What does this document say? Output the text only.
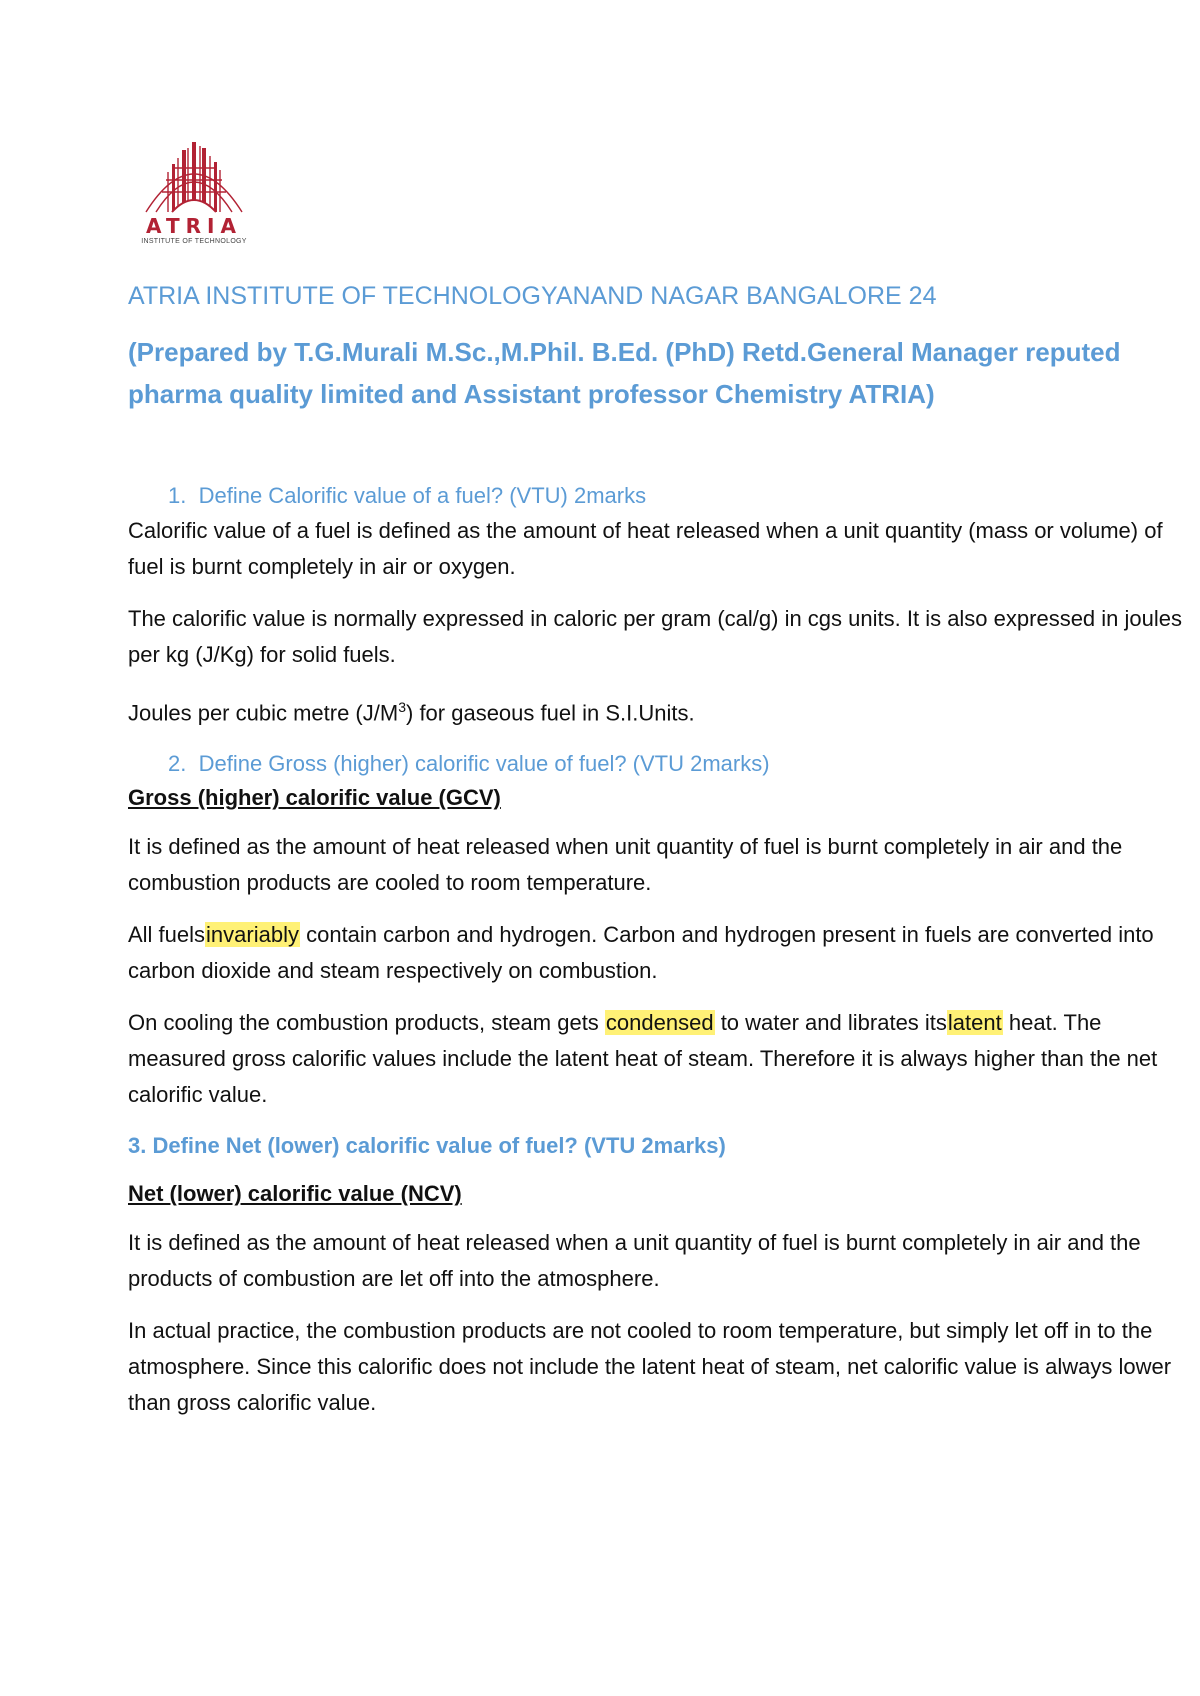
ATRIA
INSTITUTE OF TECHNOLOGY
ATRIA INSTITUTE OF TECHNOLOGYANAND NAGAR BANGALORE 24
(Prepared by T.G.Murali M.Sc.,M.Phil. B.Ed. (PhD) Retd.General Manager reputed pharma quality limited and Assistant professor Chemistry ATRIA)
1. Define Calorific value of a fuel? (VTU) 2marks

Calorific value of a fuel is defined as the amount of heat released when a unit quantity (mass or volume) of fuel is burnt completely in air or oxygen.

The calorific value is normally expressed in caloric per gram (cal/g) in cgs units. It is also expressed in joules per kg (J/Kg) for solid fuels.

Joules per cubic metre $(J/M^3)$ for gaseous fuel in S.I.Units.

2. Define Gross (higher) calorific value of fuel? (VTU 2marks)
Gross (higher) calorific value (GCV)

It is defined as the amount of heat released when unit quantity of fuel is burnt completely in air and the combustion products are cooled to room temperature.

All fuelsinvariably contain carbon and hydrogen. Carbon and hydrogen present in fuels are converted into carbon dioxide and steam respectively on combustion.

On cooling the combustion products, steam gets condensed to water and librates itslatent heat. The measured gross calorific values include the latent heat of steam. Therefore it is always higher than the net calorific value.

3. Define Net (lower) calorific value of fuel? (VTU 2marks)
Net (lower) calorific value (NCV)

It is defined as the amount of heat released when a unit quantity of fuel is burnt completely in air and the products of combustion are let off into the atmosphere.

In actual practice, the combustion products are not cooled to room temperature, but simply let off in to the atmosphere. Since this calorific does not include the latent heat of steam, net calorific value is always lower than gross calorific value.
